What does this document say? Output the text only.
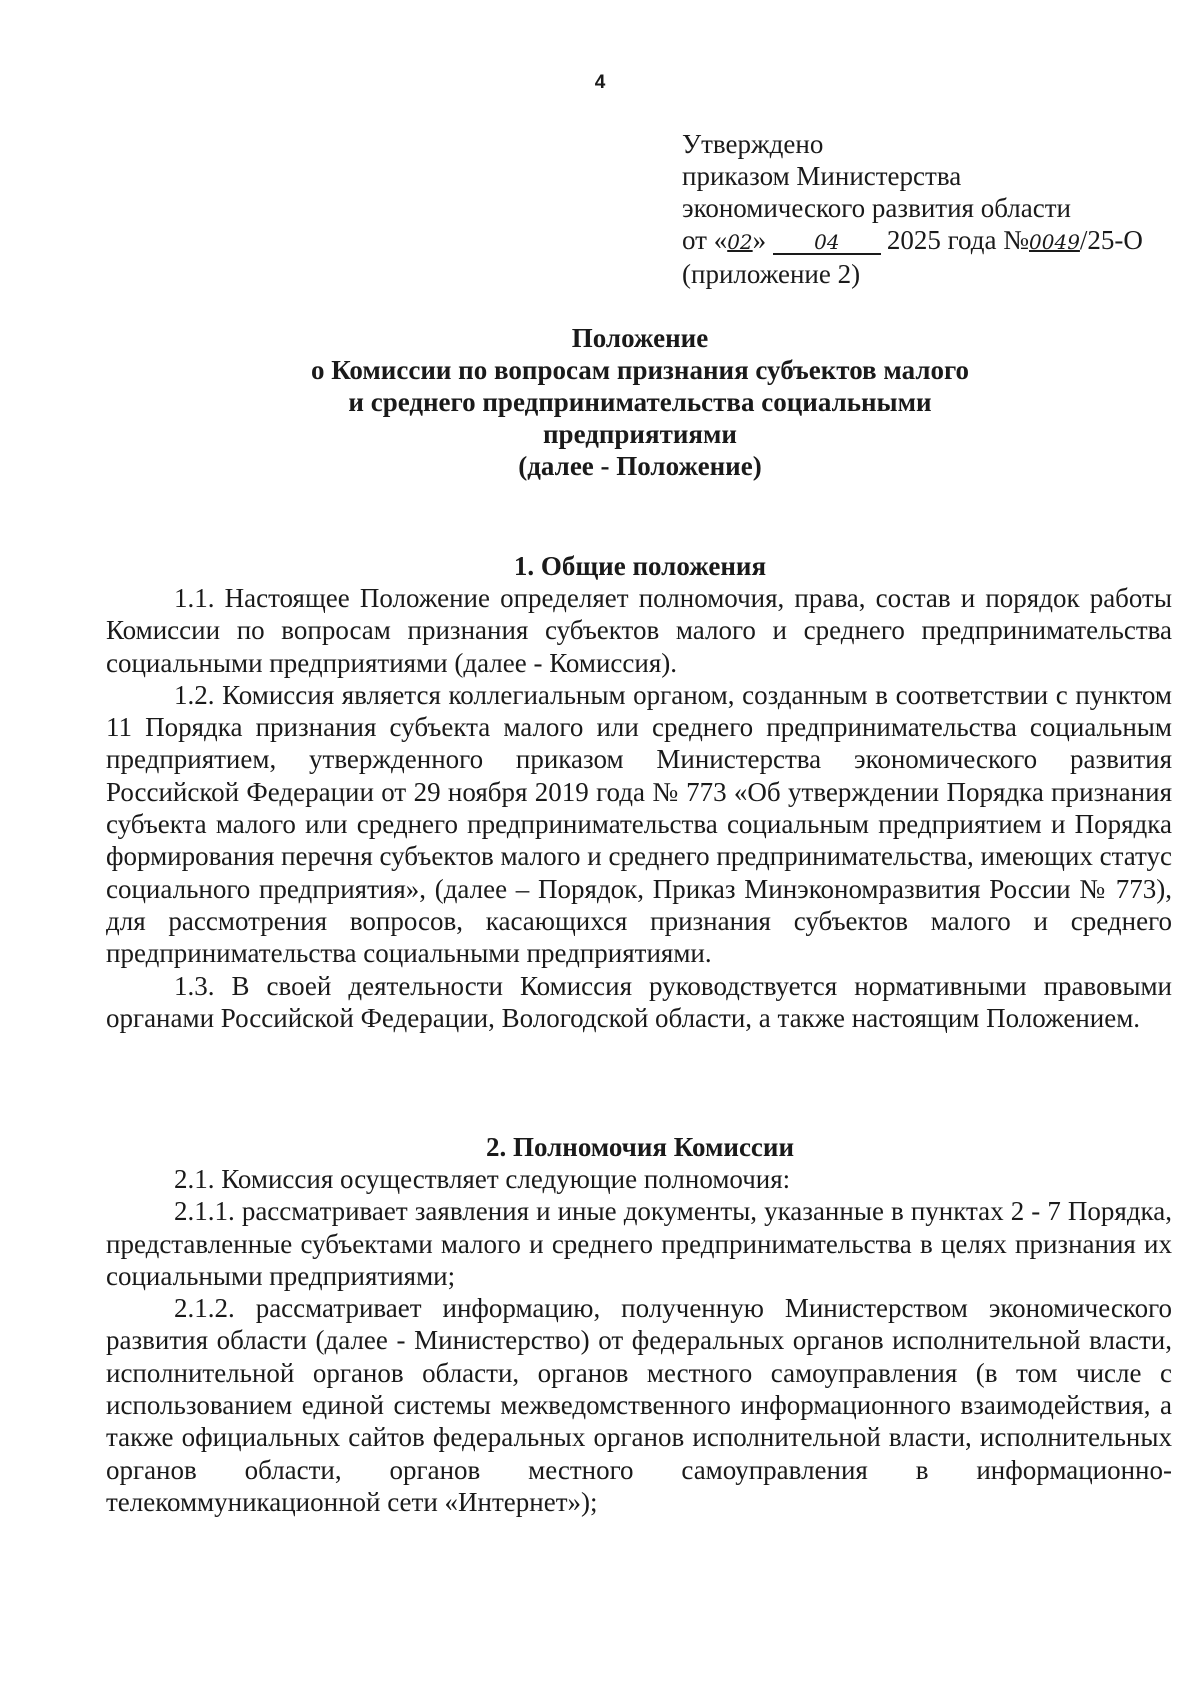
4
Утверждено
приказом Министерства
экономического развития области
от «02» 04 2025 года №0049/25-О
(приложение 2)
Положение
о Комиссии по вопросам признания субъектов малого
и среднего предпринимательства социальными
предприятиями
(далее - Положение)
1. Общие положения

1.1. Настоящее Положение определяет полномочия, права, состав и порядок работы Комиссии по вопросам признания субъектов малого и среднего предпринимательства социальными предприятиями (далее - Комиссия).

1.2. Комиссия является коллегиальным органом, созданным в соответствии с пунктом 11 Порядка признания субъекта малого или среднего предпринимательства социальным предприятием, утвержденного приказом Министерства экономического развития Российской Федерации от 29 ноября 2019 года № 773 «Об утверждении Порядка признания субъекта малого или среднего предпринимательства социальным предприятием и Порядка формирования перечня субъектов малого и среднего предпринимательства, имеющих статус социального предприятия», (далее – Порядок, Приказ Минэкономразвития России № 773), для рассмотрения вопросов, касающихся признания субъектов малого и среднего предпринимательства социальными предприятиями.

1.3. В своей деятельности Комиссия руководствуется нормативными правовыми органами Российской Федерации, Вологодской области, а также настоящим Положением.

2. Полномочия Комиссии

2.1. Комиссия осуществляет следующие полномочия:

2.1.1. рассматривает заявления и иные документы, указанные в пунктах 2 - 7 Порядка, представленные субъектами малого и среднего предпринимательства в целях признания их социальными предприятиями;

2.1.2. рассматривает информацию, полученную Министерством экономического развития области (далее - Министерство) от федеральных органов исполнительной власти, исполнительной органов области, органов местного самоуправления (в том числе с использованием единой системы межведомственного информационного взаимодействия, а также официальных сайтов федеральных органов исполнительной власти, исполнительных органов области, органов местного самоуправления в информационно-телекоммуникационной сети «Интернет»);
